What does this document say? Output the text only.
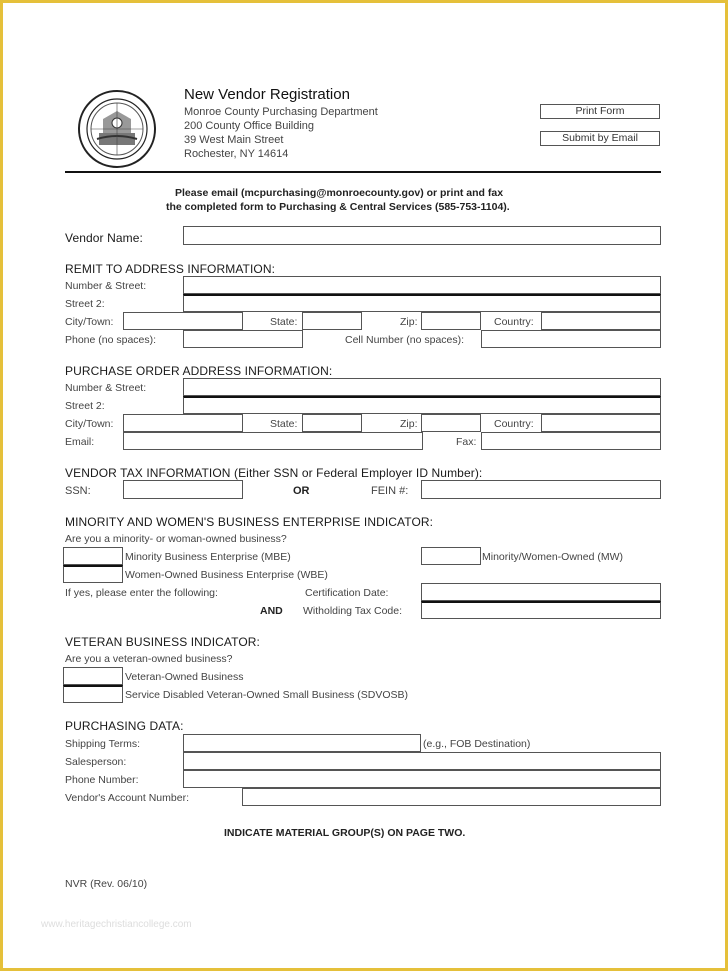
New Vendor Registration
Monroe County Purchasing Department
200 County Office Building
39 West Main Street
Rochester, NY 14614
Print Form
Submit by Email
Please email (mcpurchasing@monroecounty.gov) or print and fax
the completed form to Purchasing & Central Services (585-753-1104).
Vendor Name:
REMIT TO ADDRESS INFORMATION:
Number & Street:
Street 2:
City/Town:	State:	Zip:	Country:
Phone (no spaces):	Cell Number (no spaces):
PURCHASE ORDER ADDRESS INFORMATION:
Number & Street:
Street 2:
City/Town:	State:	Zip:	Country:
Email:	Fax:
VENDOR TAX INFORMATION (Either SSN or Federal Employer ID Number):
SSN:	OR	FEIN #:
MINORITY AND WOMEN'S BUSINESS ENTERPRISE INDICATOR:
Are you a minority- or woman-owned business?
Minority Business Enterprise (MBE)	Minority/Women-Owned (MW)
Women-Owned Business Enterprise (WBE)
If yes, please enter the following:	Certification Date:
AND Witholding Tax Code:
VETERAN BUSINESS INDICATOR:
Are you a veteran-owned business?
Veteran-Owned Business
Service Disabled Veteran-Owned Small Business (SDVOSB)
PURCHASING DATA:
Shipping Terms:	(e.g., FOB Destination)
Salesperson:
Phone Number:
Vendor's Account Number:
INDICATE MATERIAL GROUP(S) ON PAGE TWO.
NVR (Rev. 06/10)
www.heritagechristiancollege.com
